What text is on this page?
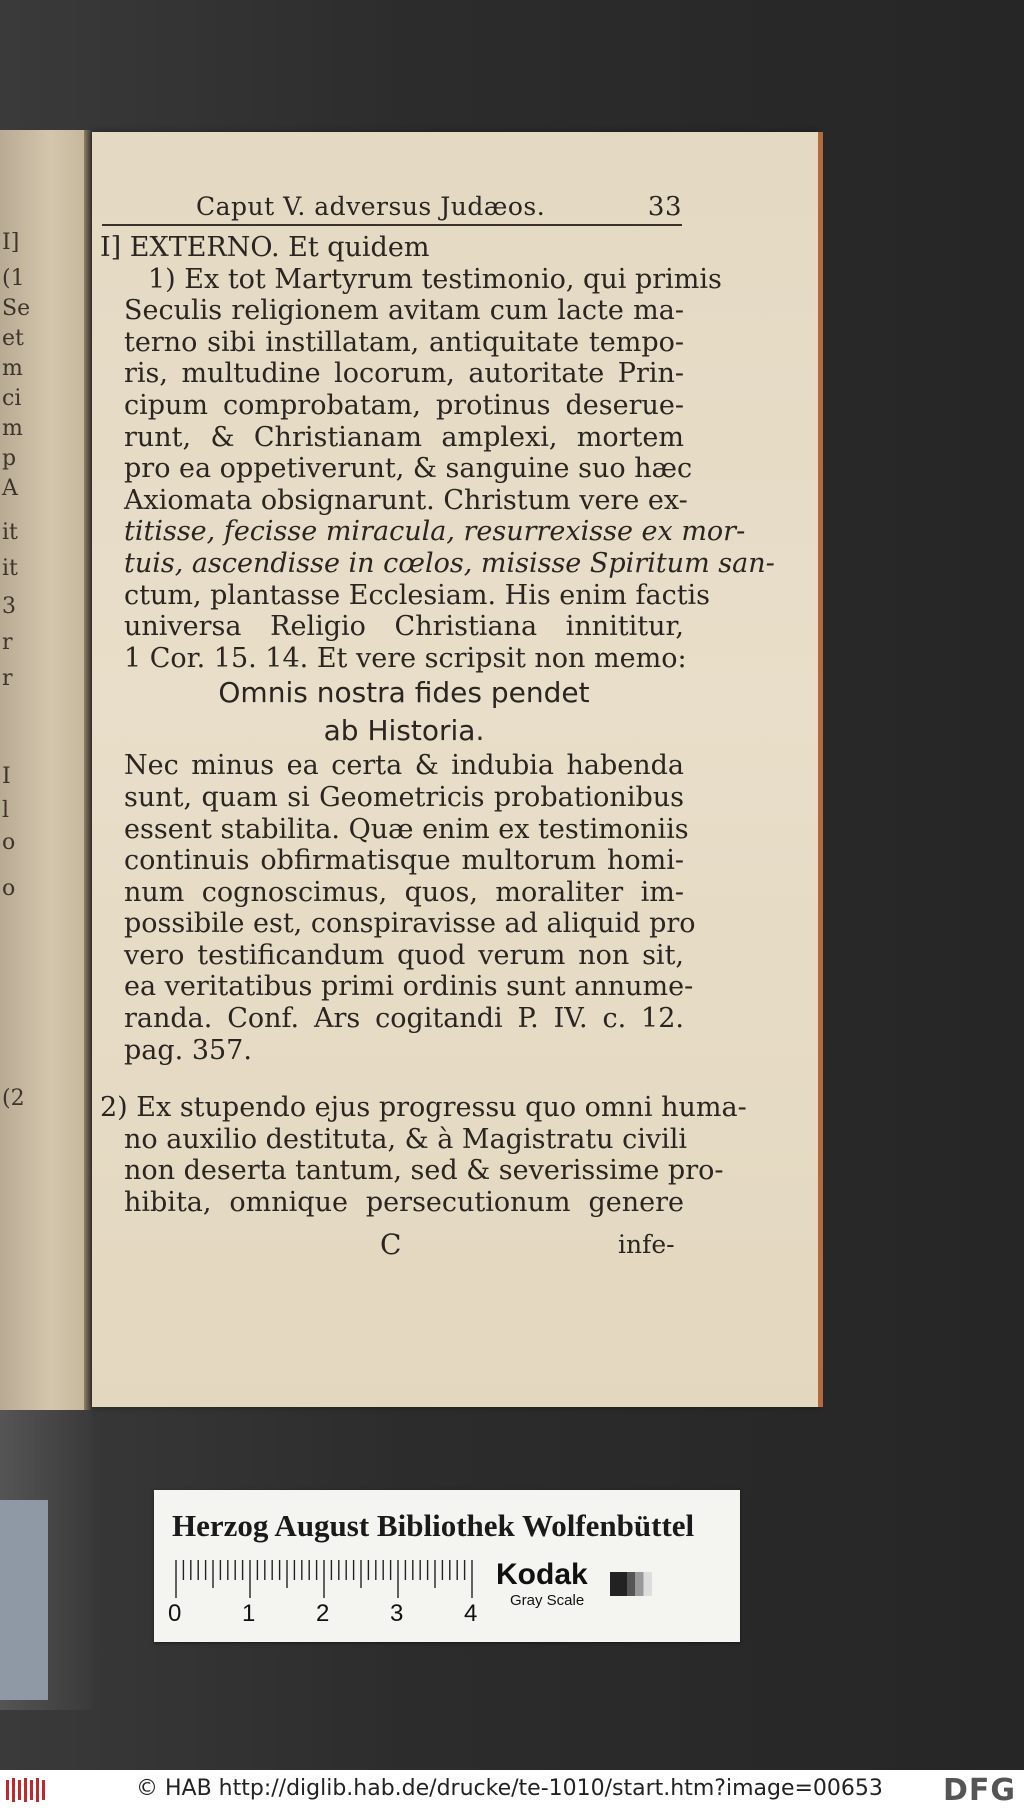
I]
(1
Se
et
m
ci
m
p
A
it
it
3
r
r
I
l
o
o
(2
Caput V. adversus Judæos.	33
I] EXTERNO. Et quidem
1) Ex tot Martyrum testimonio, qui primis
Seculis religionem avitam cum lacte ma-
terno sibi instillatam, antiquitate tempo-
ris, multudine locorum, autoritate Prin-
cipum comprobatam, protinus deserue-
runt, & Christianam amplexi, mortem
pro ea oppetiverunt, & sanguine suo hæc
Axiomata obsignarunt. Christum vere ex-
titisse, fecisse miracula, resurrexisse ex mor-
tuis, ascendisse in cœlos, misisse Spiritum san-
ctum, plantasse Ecclesiam. His enim factis
universa Religio Christiana innititur,
1 Cor. 15. 14. Et vere scripsit non memo:
Omnis nostra fides pendet
ab Historia.
Nec minus ea certa & indubia habenda
sunt, quam si Geometricis probationibus
essent stabilita. Quæ enim ex testimoniis
continuis obfirmatisque multorum homi-
num cognoscimus, quos, moraliter im-
possibile est, conspiravisse ad aliquid pro
vero testificandum quod verum non sit,
ea veritatibus primi ordinis sunt annume-
randa. Conf. Ars cogitandi P. IV. c. 12.
pag. 357.
2) Ex stupendo ejus progressu quo omni huma-
no auxilio destituta, & à Magistratu civili
non deserta tantum, sed & severissime pro-
hibita, omnique persecutionum genere
C	infe-
Herzog August Bibliothek Wolfenbüttel
0	1	2	3	4
Kodak
Gray Scale
© HAB http://diglib.hab.de/drucke/te-1010/start.htm?image=00653 DFG
